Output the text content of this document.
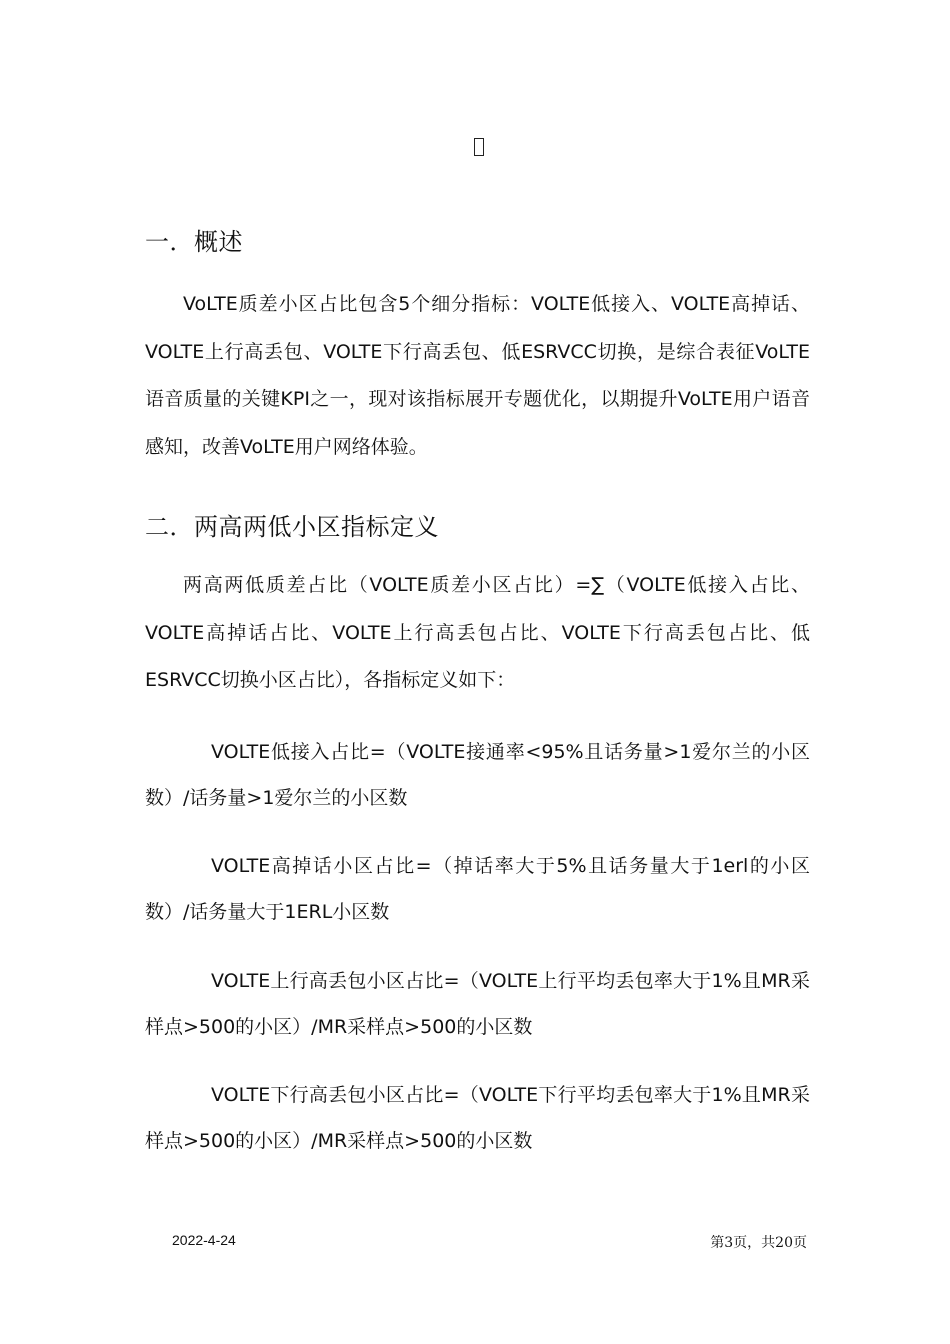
一．概述

VoLTE质差小区占比包含5个细分指标：VOLTE低接入、VOLTE高掉话、VOLTE上行高丢包、VOLTE下行高丢包、低ESRVCC切换，是综合表征VoLTE语音质量的关键KPI之一，现对该指标展开专题优化，以期提升VoLTE用户语音感知，改善VoLTE用户网络体验。

二．两高两低小区指标定义

两高两低质差占比（VOLTE质差小区占比）=∑（VOLTE低接入占比、VOLTE高掉话占比、VOLTE上行高丢包占比、VOLTE下行高丢包占比、低ESRVCC切换小区占比），各指标定义如下：

VOLTE低接入占比=（VOLTE接通率<95%且话务量>1爱尔兰的小区数）/话务量>1爱尔兰的小区数

VOLTE高掉话小区占比=（掉话率大于5%且话务量大于1erl的小区数）/话务量大于1ERL小区数

VOLTE上行高丢包小区占比=（VOLTE上行平均丢包率大于1%且MR采样点>500的小区）/MR采样点>500的小区数

VOLTE下行高丢包小区占比=（VOLTE下行平均丢包率大于1%且MR采样点>500的小区）/MR采样点>500的小区数

2022-4-24	第3页，共20页
